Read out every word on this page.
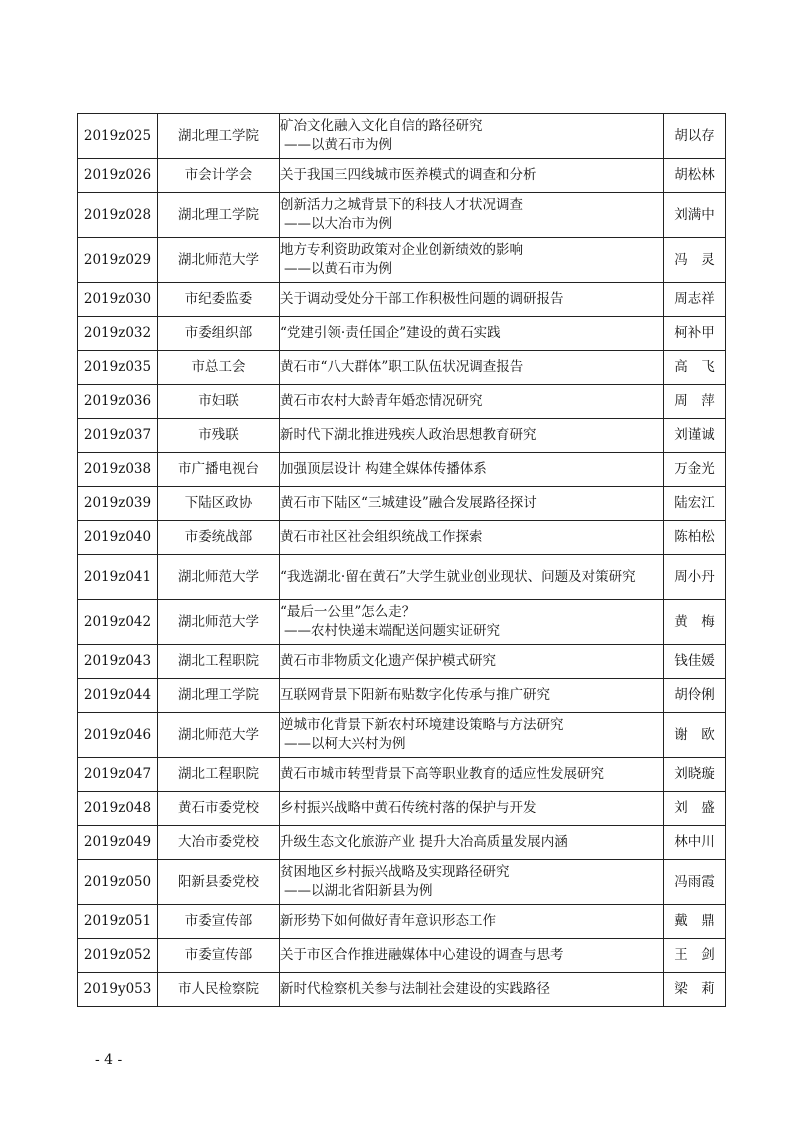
2019z025	湖北理工学院	矿冶文化融入文化自信的路径研究
——以黄石市为例	胡以存
2019z026	市会计学会	关于我国三四线城市医养模式的调查和分析	胡松林
2019z028	湖北理工学院	创新活力之城背景下的科技人才状况调查
——以大冶市为例	刘满中
2019z029	湖北师范大学	地方专利资助政策对企业创新绩效的影响
——以黄石市为例	冯　灵
2019z030	市纪委监委	关于调动受处分干部工作积极性问题的调研报告	周志祥
2019z032	市委组织部	“党建引领·责任国企”建设的黄石实践	柯补甲
2019z035	市总工会	黄石市“八大群体”职工队伍状况调查报告	高　飞
2019z036	市妇联	黄石市农村大龄青年婚恋情况研究	周　萍
2019z037	市残联	新时代下湖北推进残疾人政治思想教育研究	刘谨诚
2019z038	市广播电视台	加强顶层设计 构建全媒体传播体系	万金光
2019z039	下陆区政协	黄石市下陆区“三城建设”融合发展路径探讨	陆宏江
2019z040	市委统战部	黄石市社区社会组织统战工作探索	陈柏松
2019z041	湖北师范大学	“我选湖北·留在黄石”大学生就业创业现状、问题及对策研究	周小丹
2019z042	湖北师范大学	“最后一公里”怎么走？
——农村快递末端配送问题实证研究	黄　梅
2019z043	湖北工程职院	黄石市非物质文化遗产保护模式研究	钱佳媛
2019z044	湖北理工学院	互联网背景下阳新布贴数字化传承与推广研究	胡伶俐
2019z046	湖北师范大学	逆城市化背景下新农村环境建设策略与方法研究
——以柯大兴村为例	谢　欧
2019z047	湖北工程职院	黄石市城市转型背景下高等职业教育的适应性发展研究	刘晓璇
2019z048	黄石市委党校	乡村振兴战略中黄石传统村落的保护与开发	刘　盛
2019z049	大冶市委党校	升级生态文化旅游产业 提升大冶高质量发展内涵	林中川
2019z050	阳新县委党校	贫困地区乡村振兴战略及实现路径研究
——以湖北省阳新县为例	冯雨霞
2019z051	市委宣传部	新形势下如何做好青年意识形态工作	戴　鼎
2019z052	市委宣传部	关于市区合作推进融媒体中心建设的调查与思考	王　剑
2019y053	市人民检察院	新时代检察机关参与法制社会建设的实践路径	梁　莉
- 4 -
